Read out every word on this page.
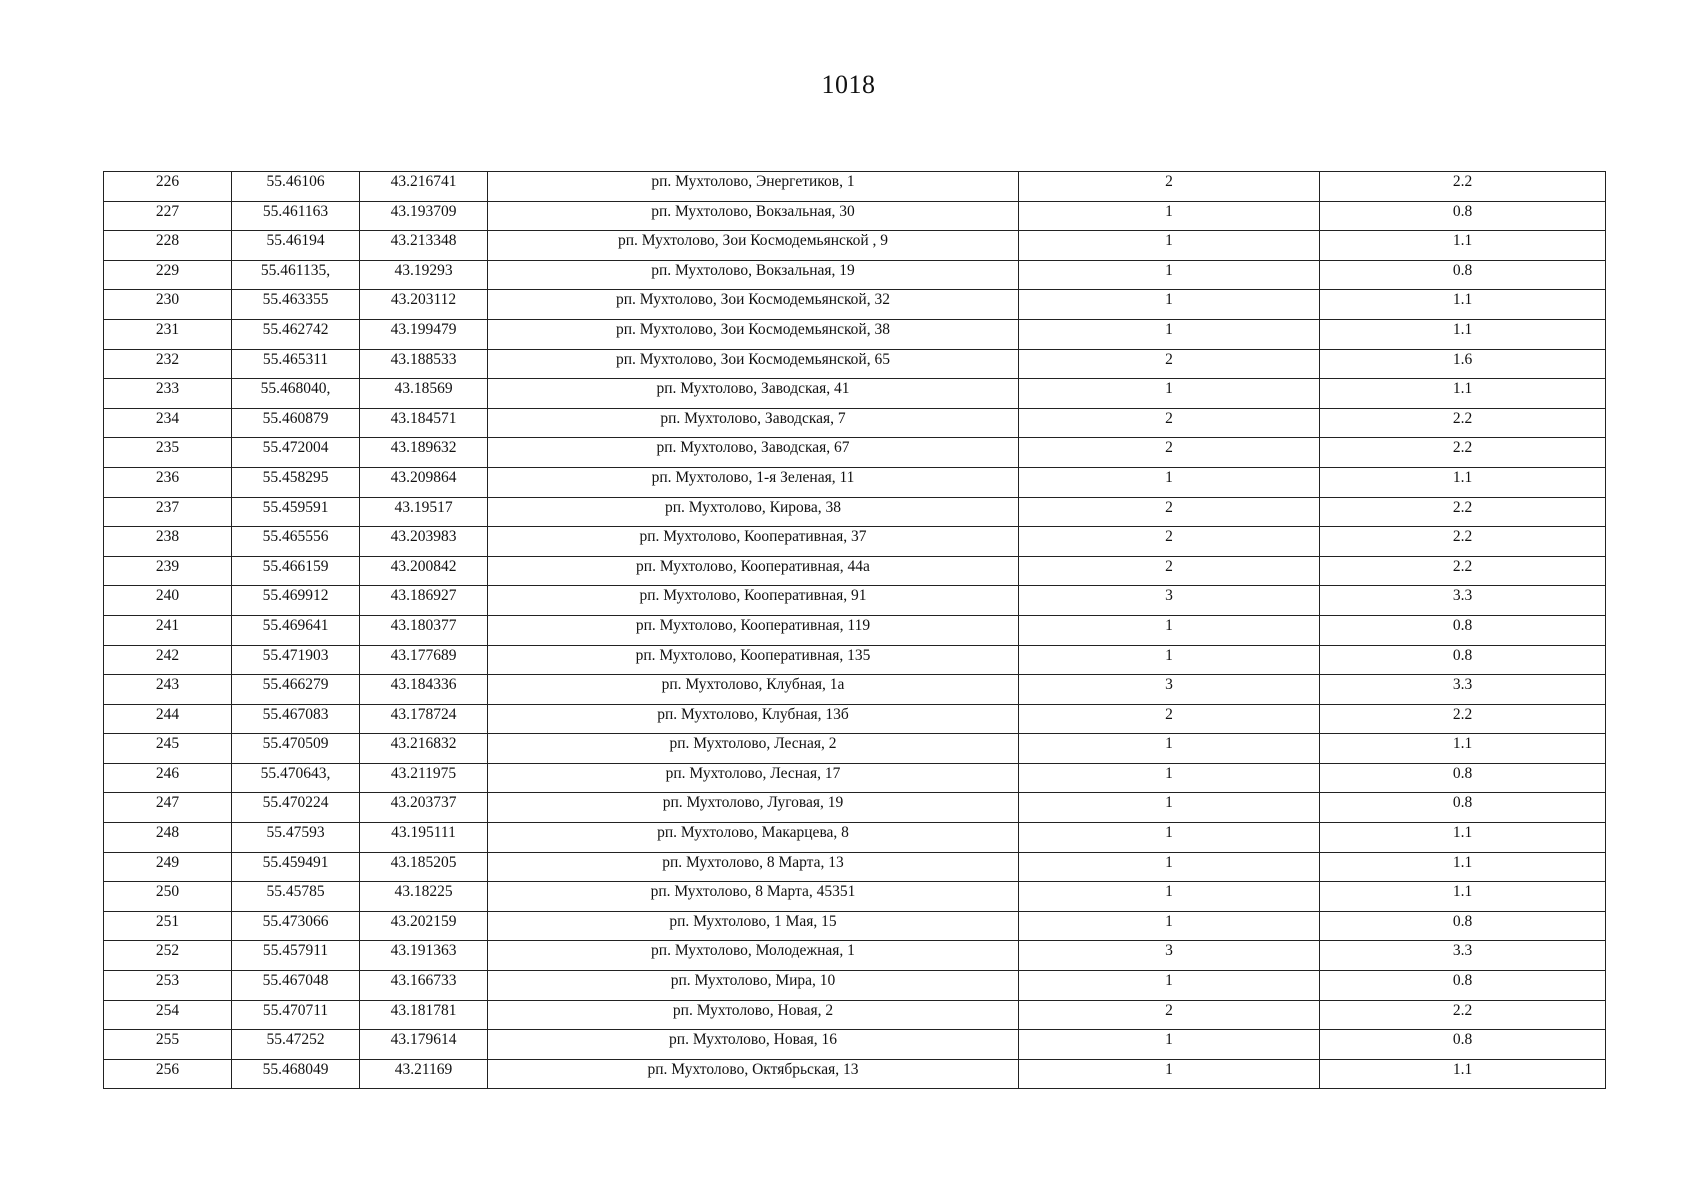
1018
226	55.46106	43.216741	рп. Мухтолово, Энергетиков, 1	2	2.2
227	55.461163	43.193709	рп. Мухтолово, Вокзальная, 30	1	0.8
228	55.46194	43.213348	рп. Мухтолово, Зои Космодемьянской , 9	1	1.1
229	55.461135,	43.19293	рп. Мухтолово, Вокзальная, 19	1	0.8
230	55.463355	43.203112	рп. Мухтолово, Зои Космодемьянской, 32	1	1.1
231	55.462742	43.199479	рп. Мухтолово, Зои Космодемьянской, 38	1	1.1
232	55.465311	43.188533	рп. Мухтолово, Зои Космодемьянской, 65	2	1.6
233	55.468040,	43.18569	рп. Мухтолово, Заводская, 41	1	1.1
234	55.460879	43.184571	рп. Мухтолово, Заводская, 7	2	2.2
235	55.472004	43.189632	рп. Мухтолово, Заводская, 67	2	2.2
236	55.458295	43.209864	рп. Мухтолово, 1-я Зеленая, 11	1	1.1
237	55.459591	43.19517	рп. Мухтолово, Кирова, 38	2	2.2
238	55.465556	43.203983	рп. Мухтолово, Кооперативная, 37	2	2.2
239	55.466159	43.200842	рп. Мухтолово, Кооперативная, 44а	2	2.2
240	55.469912	43.186927	рп. Мухтолово, Кооперативная, 91	3	3.3
241	55.469641	43.180377	рп. Мухтолово, Кооперативная, 119	1	0.8
242	55.471903	43.177689	рп. Мухтолово, Кооперативная, 135	1	0.8
243	55.466279	43.184336	рп. Мухтолово, Клубная, 1а	3	3.3
244	55.467083	43.178724	рп. Мухтолово, Клубная, 13б	2	2.2
245	55.470509	43.216832	рп. Мухтолово, Лесная, 2	1	1.1
246	55.470643,	43.211975	рп. Мухтолово, Лесная, 17	1	0.8
247	55.470224	43.203737	рп. Мухтолово, Луговая, 19	1	0.8
248	55.47593	43.195111	рп. Мухтолово, Макарцева, 8	1	1.1
249	55.459491	43.185205	рп. Мухтолово, 8 Марта, 13	1	1.1
250	55.45785	43.18225	рп. Мухтолово, 8 Марта, 45351	1	1.1
251	55.473066	43.202159	рп. Мухтолово, 1 Мая, 15	1	0.8
252	55.457911	43.191363	рп. Мухтолово, Молодежная, 1	3	3.3
253	55.467048	43.166733	рп. Мухтолово, Мира, 10	1	0.8
254	55.470711	43.181781	рп. Мухтолово, Новая, 2	2	2.2
255	55.47252	43.179614	рп. Мухтолово, Новая, 16	1	0.8
256	55.468049	43.21169	рп. Мухтолово, Октябрьская, 13	1	1.1
